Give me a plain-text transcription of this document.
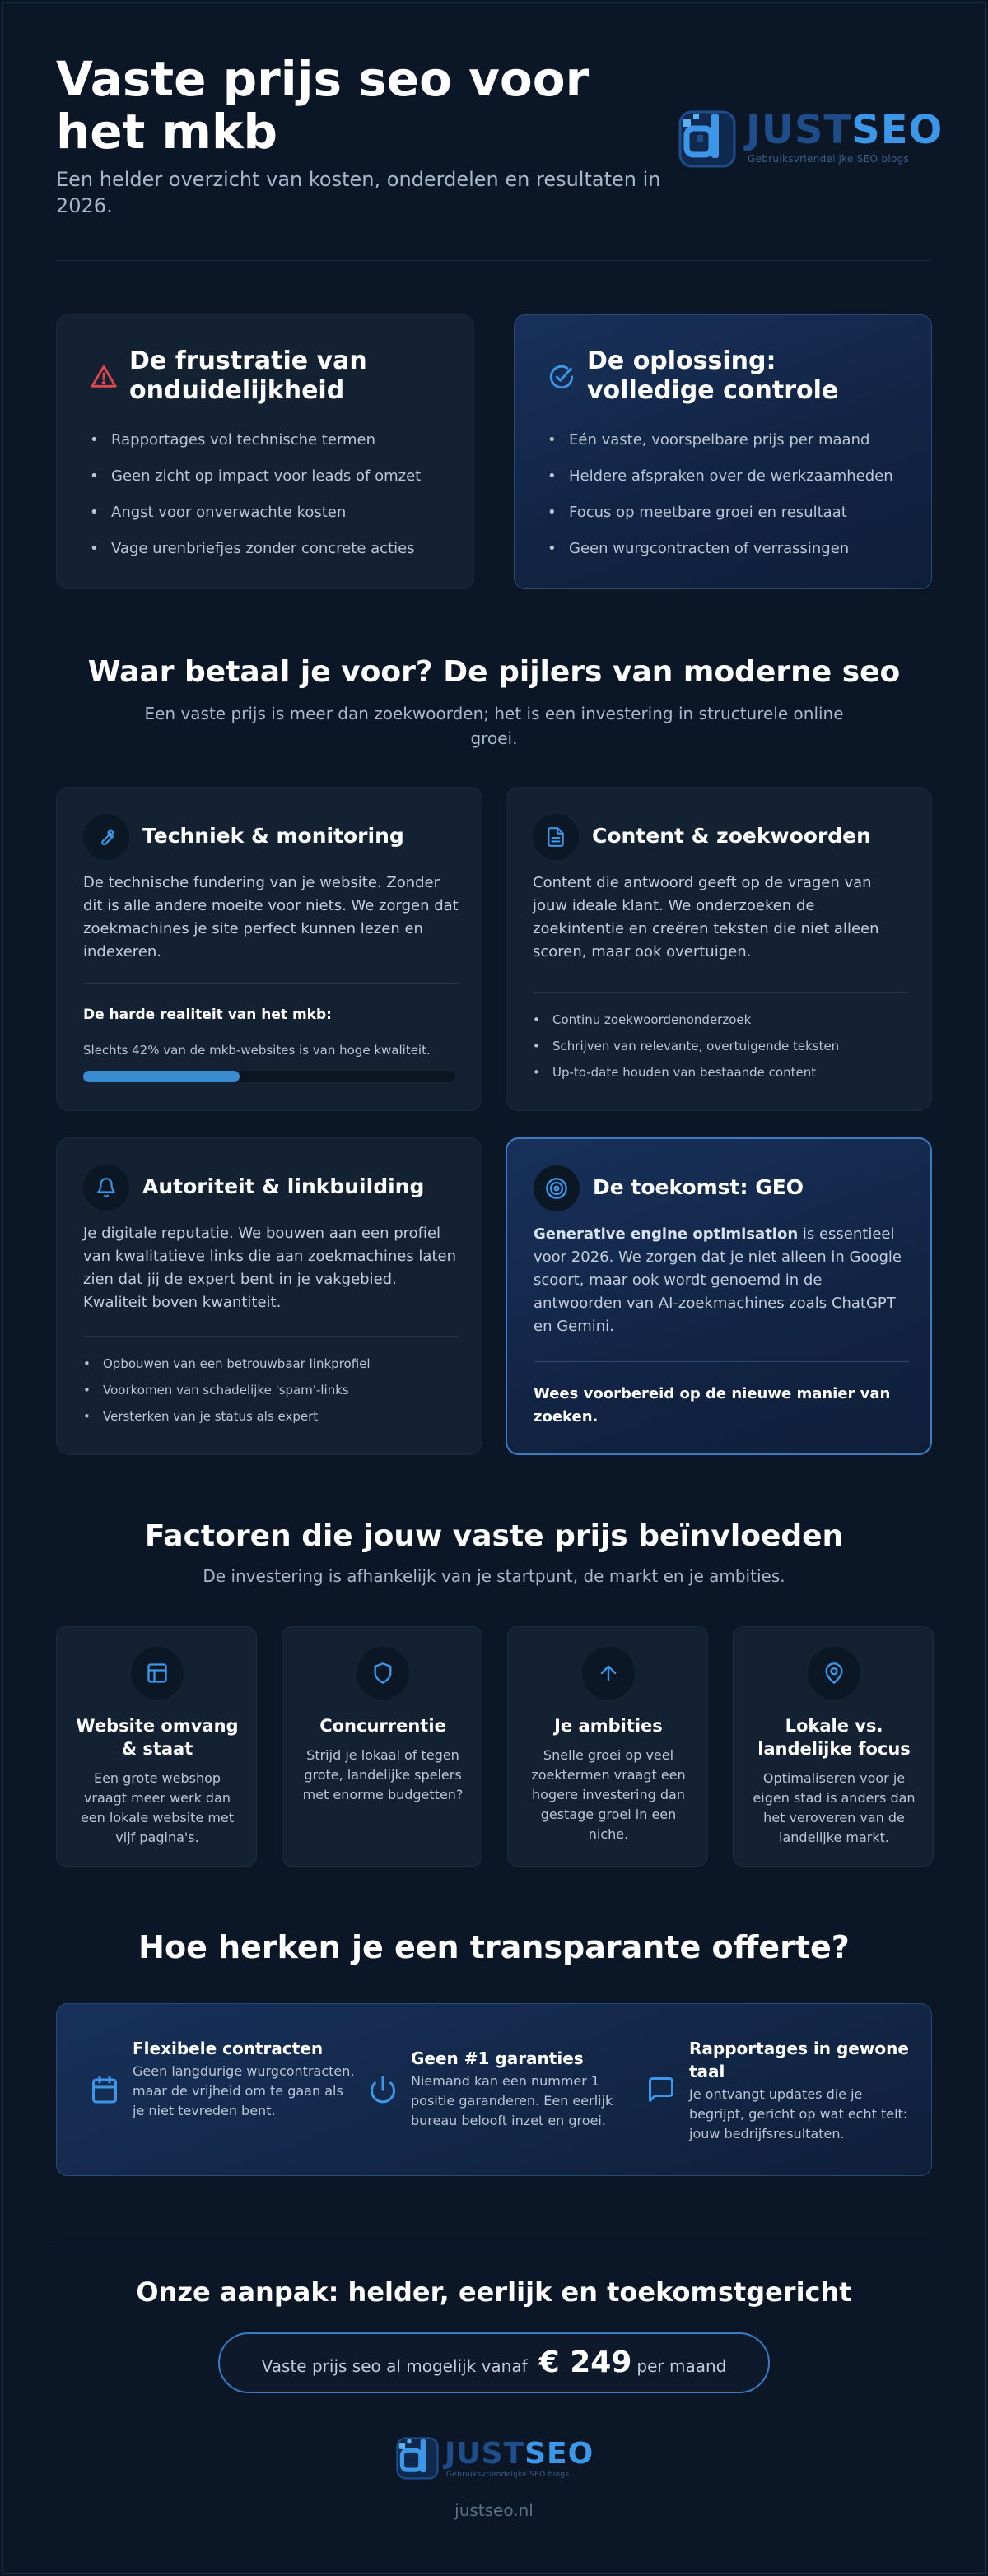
Vaste prijs seo voor het mkb
Een helder overzicht van kosten, onderdelen en resultaten in 2026.
JUSTSEO
Gebruiksvriendelijke SEO blogs
De frustratie van onduidelijkheid
• Rapportages vol technische termen
• Geen zicht op impact voor leads of omzet
• Angst voor onverwachte kosten
• Vage urenbriefjes zonder concrete acties
De oplossing: volledige controle
• Eén vaste, voorspelbare prijs per maand
• Heldere afspraken over de werkzaamheden
• Focus op meetbare groei en resultaat
• Geen wurgcontracten of verrassingen
Waar betaal je voor? De pijlers van moderne seo
Een vaste prijs is meer dan zoekwoorden; het is een investering in structurele online groei.
Techniek & monitoring
De technische fundering van je website. Zonder dit is alle andere moeite voor niets. We zorgen dat zoekmachines je site perfect kunnen lezen en indexeren.
De harde realiteit van het mkb:
Slechts 42% van de mkb-websites is van hoge kwaliteit.
Content & zoekwoorden
Content die antwoord geeft op de vragen van jouw ideale klant. We onderzoeken de zoekintentie en creëren teksten die niet alleen scoren, maar ook overtuigen.
• Continu zoekwoordenonderzoek
• Schrijven van relevante, overtuigende teksten
• Up-to-date houden van bestaande content
Autoriteit & linkbuilding
Je digitale reputatie. We bouwen aan een profiel van kwalitatieve links die aan zoekmachines laten zien dat jij de expert bent in je vakgebied. Kwaliteit boven kwantiteit.
• Opbouwen van een betrouwbaar linkprofiel
• Voorkomen van schadelijke 'spam'-links
• Versterken van je status als expert
De toekomst: GEO
Generative engine optimisation is essentieel voor 2026. We zorgen dat je niet alleen in Google scoort, maar ook wordt genoemd in de antwoorden van AI-zoekmachines zoals ChatGPT en Gemini.
Wees voorbereid op de nieuwe manier van zoeken.
Factoren die jouw vaste prijs beïnvloeden
De investering is afhankelijk van je startpunt, de markt en je ambities.
Website omvang & staat
Een grote webshop vraagt meer werk dan een lokale website met vijf pagina's.
Concurrentie
Strijd je lokaal of tegen grote, landelijke spelers met enorme budgetten?
Je ambities
Snelle groei op veel zoektermen vraagt een hogere investering dan gestage groei in een niche.
Lokale vs. landelijke focus
Optimaliseren voor je eigen stad is anders dan het veroveren van de landelijke markt.
Hoe herken je een transparante offerte?
Flexibele contracten
Geen langdurige wurgcontracten, maar de vrijheid om te gaan als je niet tevreden bent.
Geen #1 garanties
Niemand kan een nummer 1 positie garanderen. Een eerlijk bureau belooft inzet en groei.
Rapportages in gewone taal
Je ontvangt updates die je begrijpt, gericht op wat echt telt: jouw bedrijfsresultaten.
Onze aanpak: helder, eerlijk en toekomstgericht
Vaste prijs seo al mogelijk vanaf € 249 per maand
JUSTSEO
Gebruiksvriendelijke SEO blogs
justseo.nl
